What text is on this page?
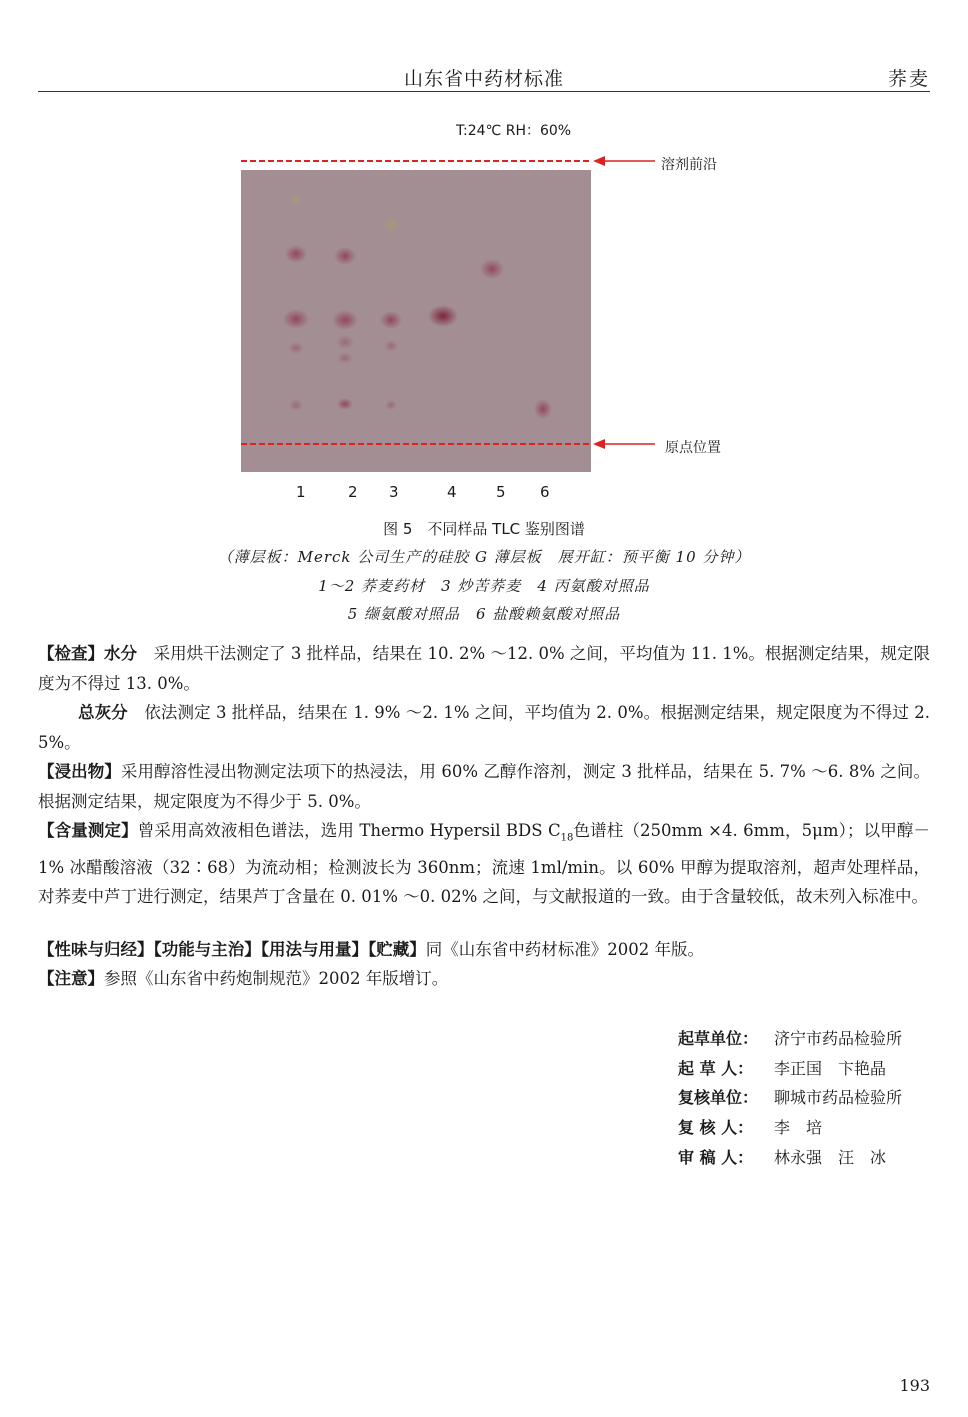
山东省中药材标准	荞麦
T:24℃ RH：60%
溶剂前沿
原点位置
1	2 3	4	5 6
图 5　不同样品 TLC 鉴别图谱
（薄层板：Merck 公司生产的硅胶 G 薄层板　展开缸：预平衡 10 分钟）
1～2 荞麦药材　3 炒苦荞麦　4 丙氨酸对照品
5 缬氨酸对照品　6 盐酸赖氨酸对照品
【检查】水分　采用烘干法测定了 3 批样品，结果在 10. 2% ～12. 0% 之间，平均值为 11. 1%。根据测定结果，规定限度为不得过 13. 0%。
总灰分　依法测定 3 批样品，结果在 1. 9% ～2. 1% 之间，平均值为 2. 0%。根据测定结果，规定限度为不得过 2. 5%。
【浸出物】采用醇溶性浸出物测定法项下的热浸法，用 60% 乙醇作溶剂，测定 3 批样品，结果在 5. 7% ～6. 8% 之间。根据测定结果，规定限度为不得少于 5. 0%。
【含量测定】曾采用高效液相色谱法，选用 Thermo Hypersil BDS $C_{18}$色谱柱（250mm ×4. 6mm，5μm）；以甲醇－1% 冰醋酸溶液（32∶68）为流动相；检测波长为 360nm；流速 1ml/min。以 60% 甲醇为提取溶剂，超声处理样品，对荞麦中芦丁进行测定，结果芦丁含量在 0. 01% ～0. 02% 之间，与文献报道的一致。由于含量较低，故未列入标准中。
【性味与归经】【功能与主治】【用法与用量】【贮藏】同《山东省中药材标准》2002 年版。
【注意】参照《山东省中药炮制规范》2002 年版增订。
起草单位： 济宁市药品检验所
起 草 人： 李正国　卞艳晶
复核单位： 聊城市药品检验所
复 核 人： 李　培
审 稿 人： 林永强　汪　冰
193
